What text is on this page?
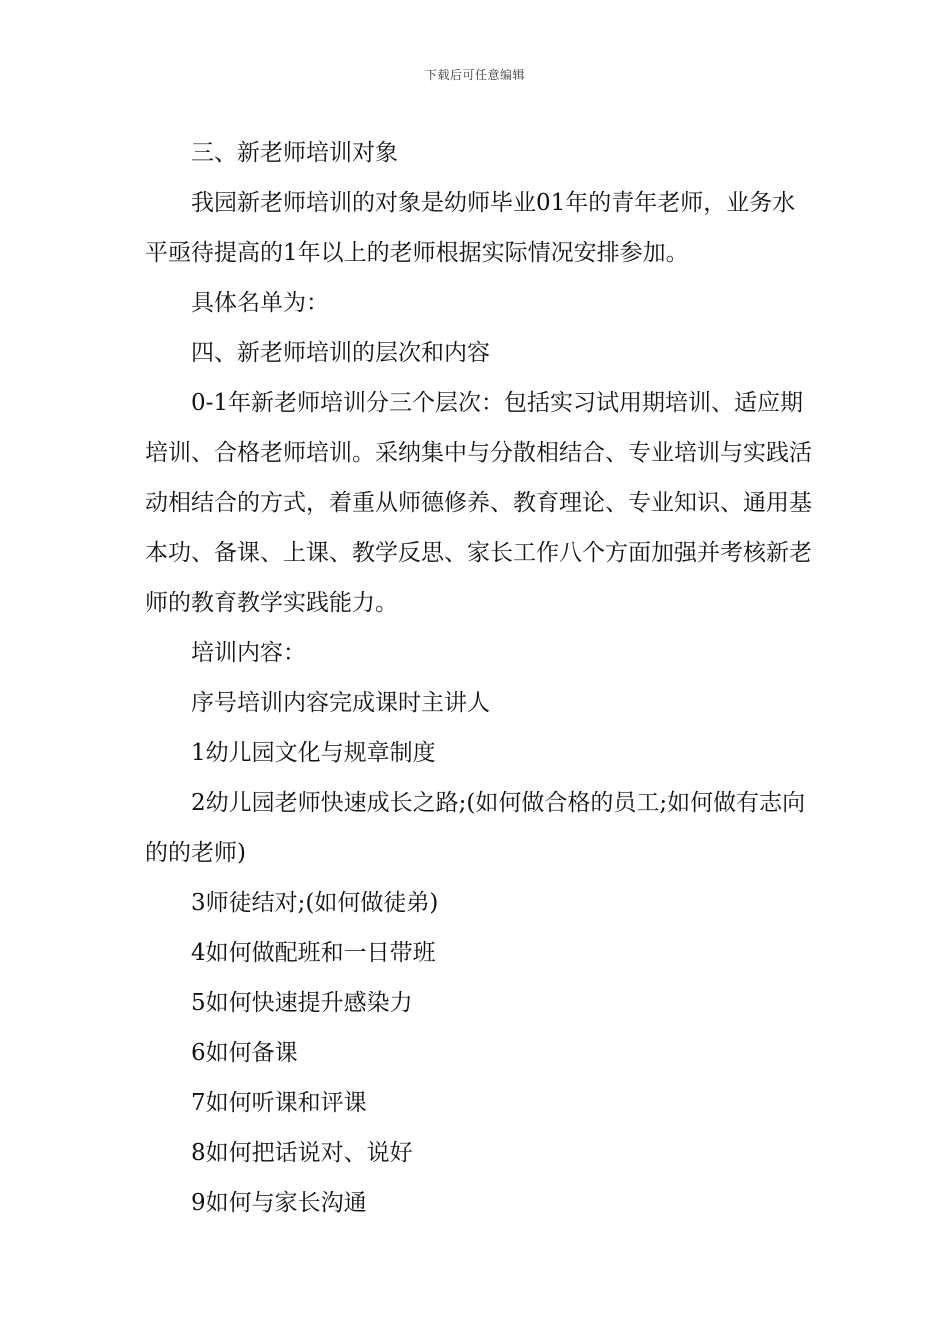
下载后可任意编辑

三、新老师培训对象

我园新老师培训的对象是幼师毕业01年的青年老师，业务水平亟待提高的1年以上的老师根据实际情况安排参加。

具体名单为：

四、新老师培训的层次和内容

0-1年新老师培训分三个层次：包括实习试用期培训、适应期培训、合格老师培训。采纳集中与分散相结合、专业培训与实践活动相结合的方式，着重从师德修养、教育理论、专业知识、通用基本功、备课、上课、教学反思、家长工作八个方面加强并考核新老师的教育教学实践能力。

培训内容：

序号培训内容完成课时主讲人

1幼儿园文化与规章制度

2幼儿园老师快速成长之路;(如何做合格的员工;如何做有志向的的老师)

3师徒结对;(如何做徒弟)

4如何做配班和一日带班

5如何快速提升感染力

6如何备课

7如何听课和评课

8如何把话说对、说好

9如何与家长沟通
